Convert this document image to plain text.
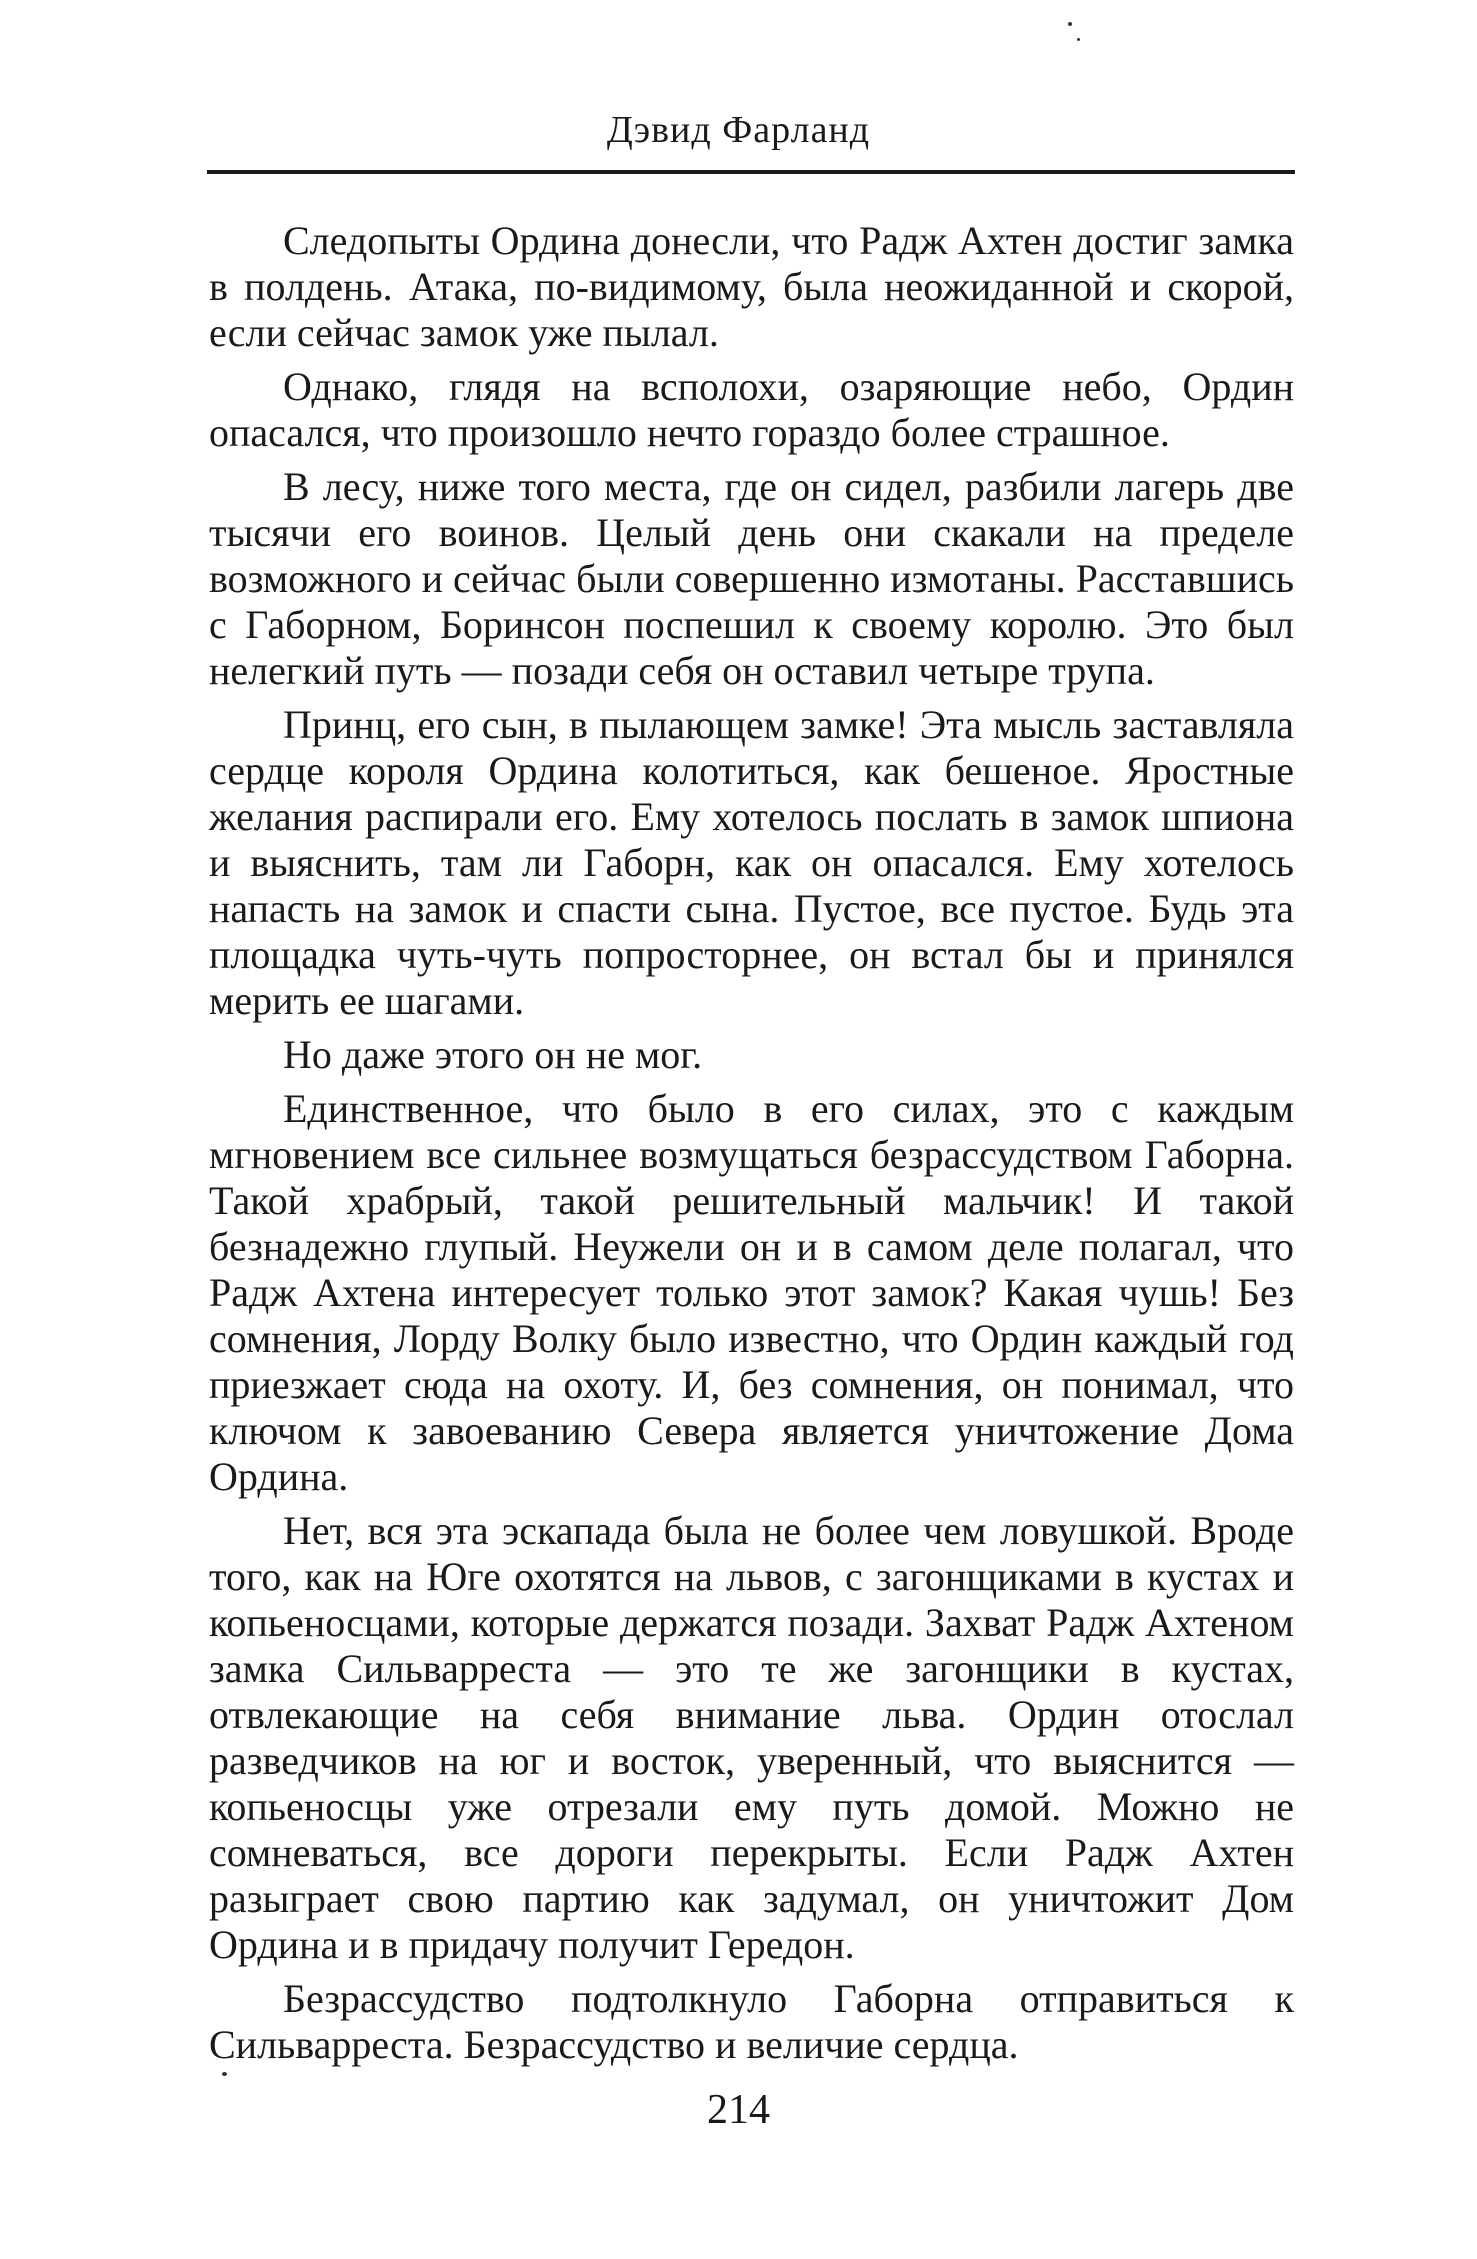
Дэвид Фарланд

Следопыты Ордина донесли, что Радж Ахтен достиг замка в полдень. Атака, по-видимому, была неожиданной и скорой, если сейчас замок уже пылал.

Однако, глядя на всполохи, озаряющие небо, Ордин опасался, что произошло нечто гораздо более страшное.

В лесу, ниже того места, где он сидел, разбили лагерь две тысячи его воинов. Целый день они скакали на пределе возможного и сейчас были совершенно измотаны. Расставшись с Габорном, Боринсон поспешил к своему королю. Это был нелегкий путь — позади себя он оставил четыре трупа.

Принц, его сын, в пылающем замке! Эта мысль заставляла сердце короля Ордина колотиться, как бешеное. Яростные желания распирали его. Ему хотелось послать в замок шпиона и выяснить, там ли Габорн, как он опасался. Ему хотелось напасть на замок и спасти сына. Пустое, все пустое. Будь эта площадка чуть-чуть попросторнее, он встал бы и принялся мерить ее шагами.

Но даже этого он не мог.

Единственное, что было в его силах, это с каждым мгновением все сильнее возмущаться безрассудством Габорна. Такой храбрый, такой решительный мальчик! И такой безнадежно глупый. Неужели он и в самом деле полагал, что Радж Ахтена интересует только этот замок? Какая чушь! Без сомнения, Лорду Волку было известно, что Ордин каждый год приезжает сюда на охоту. И, без сомнения, он понимал, что ключом к завоеванию Севера является уничтожение Дома Ордина.

Нет, вся эта эскапада была не более чем ловушкой. Вроде того, как на Юге охотятся на львов, с загонщиками в кустах и копьеносцами, которые держатся позади. Захват Радж Ахтеном замка Сильварреста — это те же загонщики в кустах, отвлекающие на себя внимание льва. Ордин отослал разведчиков на юг и восток, уверенный, что выяснится — копьеносцы уже отрезали ему путь домой. Можно не сомневаться, все дороги перекрыты. Если Радж Ахтен разыграет свою партию как задумал, он уничтожит Дом Ордина и в придачу получит Гередон.

Безрассудство подтолкнуло Габорна отправиться к Сильварреста. Безрассудство и величие сердца.

214
